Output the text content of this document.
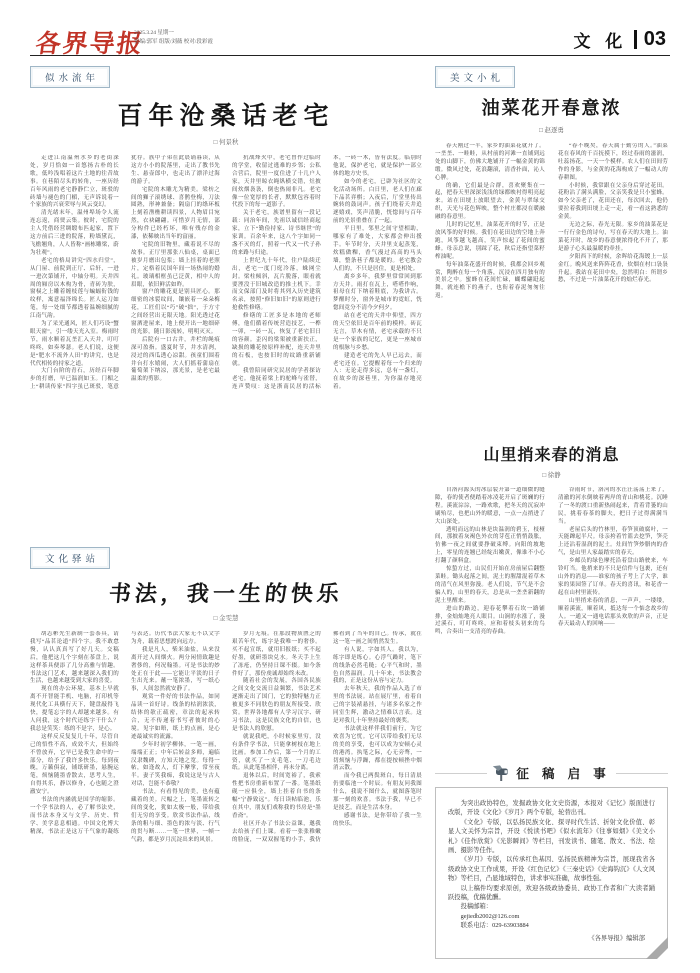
各界导报
2025.3.24 星期一
责编/郭军 组版/刘薇 校对/段彩霞	文 化 03
似水流年
百年沧桑话老宅
□ 何景秋

走进江南温州水乡的老街深处，岁月恰如一首悠扬古朴的长歌，低吟浅唱着这片土地的往昔故事。在巷陌尽头的转角，一座历经百年风雨的老宅静静伫立，斑驳的砖墙与褪色的门楣，无声诉说着一个家族的兴衰荣辱与风云变幻。

清光绪末年，温州埠场令人流连忘返，商贾云集。彼时，宅院的主人凭借经营绸缎布匹起家，置下这方前后三进的院落，粉墙黛瓦，飞檐翘角，人人皆称“画栋雕梁，蔚为壮观”。

老宅的格局讲究“四水归堂”，从门屋、前院到正厅、后轩，一进一进次第铺开，中轴分明。天井四周的厢房以木构为骨，青砖为肤，窗棂之上雕着缠枝莲与蝙蝠衔钱的纹样，寓意福泽绵长。匠人运刀如笔，每一处细节都透着温婉细腻的江南气韵。

为了采光通风，匠人们巧设“蟹眼天窗”，引一缕天光入室。梅雨时节，雨水顺着瓦垄汇入天井，叮叮咚咚，如奏琴瑟。老人们说，这便是“肥水不流外人田”的讲究，也是代代相传的持家之道。

大门台阶的青石，历经百年脚步的打磨，早已温润如玉。门楣之上“耕读传家”四字虽已斑驳，笔意犹存。族中子弟在此晨诵暮读，从这方小小的院落里，走出了教书先生、悬壶郎中，也走出了漂洋过海的游子。

宅院的木雕尤为精美。梁枋之间的狮子滚绣球、喜鹊登梅，刀法圆熟，形神兼备；隔扇门的绦环板上刻着渔樵耕读四景，人物眉目宛然，衣袂翩翩。可惜岁月无情，部分构件已经朽坏，唯有残存的金漆，依稀映出当年的富丽。

宅院的旧物里，藏着说不尽的故事。正厅里那张八仙桌，桌面已被岁月磨出包浆；墙上挂着的老照片，定格着民国年间一场热闹的婚礼。玻璃相框虽已泛黄，相中人的眉眼，依旧鲜活如昨。

窗户的雕花更是别具匠心。那细密的冰裂纹间，镶嵌着一朵朵梅花，工匠们以“巧”破“拙”，于方寸之间经营出无限天地。阳光透过花窗洒进屋来，地上便开出一地细碎的光影，随日影流转，明明灭灭。

后院有一口古井，井栏的绳痕深可盈指。盛夏时节，井水清冽，浸过的西瓜透心凉甜。孩童们围着井台打水嬉闹，大人们摇着蒲扇在葡萄架下纳凉，那光景，是老宅最温柔的剪影。

抗战烽火中，老宅曾作过临时的学堂，收留过逃难的乡邻；公私合营后，院里一度住进了十几户人家，天井里晾衣绳纵横交错，灶披间炊烟袅袅，倒也热闹非凡。老宅像一位宽厚的长者，默默包容着时代投下的每一道影子。

关于老宅，族谱里留有一段记载：同治年间，先祖以诚信经商起家，立下“勤俭持家、诗书继世”的家训。百余年来，这八个字如同一盏不灭的灯，照着一代又一代子孙的来路与归途。

上世纪九十年代，住户陆续迁出，老宅一度门庭冷落，蛛网尘封。梁柱倾斜，瓦片脱落，眼看就要湮没于旧城改造的推土机下。幸而文保部门及时将其列入历史建筑名录，按照“修旧如旧”的原则进行抢救性修缮。

修缮的工匠多是本地的老师傅，他们循着传统营造技艺，一榫一卯，一砖一瓦，恢复了老宅旧日的容颜。歪闪的梁架被重新扶正，缺损的雕花按原样补配，连天井里的石板，也按旧时的纹路重新铺就。

我曾陪同研究民居的学者探访老宅。他抚着梁上的驼峰与雀替，连声赞叹：这是浙南民居的活标本，一砖一木，皆有法度。临别时他说，保护老宅，就是保护一部立体的地方史书。

如今的老宅，已辟为社区的文化活动场所。白日里，老人们在廊下品茗弈棋；入夜后，厅堂里传出婉转的鼓词声。孩子们绕着天井追逐嬉戏，笑声清脆，恍惚间与百年前的光景重叠在了一起。

平日里，邻里之间守望相助，哪家有了难处，大家都会伸出援手。年节时分，天井里支起蒸笼，炊糕做粿，香气漫过高高的马头墙，整条巷子都是暖的。老宅教会人们的，不只是居住，更是相处。

离乡多年，我梦里常常回到那方天井。雨打在瓦上，嗒嗒作响，祖母在灯下纳着鞋底，为我讲古。梦醒时分，窗外是城市的霓虹，恍惚间竟分不清今夕何夕。

站在老宅的天井中仰望，四方的天空依旧是百年前的模样。砖瓦无言，草木有情，老宅承载的不只是一个家族的记忆，更是一座城市的根脉与乡愁。

建造老宅的先人早已远去，而老宅还在。它提醒着每一个归来的人：无论走得多远，总有一盏灯，在故乡的深巷里，为你温存地亮着。

文化驿站
书法，我一生的快乐
□ 金雯慧

胡志彬先生新制一套茶具，请我写“品茗论道”四个字。我不敢怠慢，认认真真写了好几天。交稿后，他把这几个字刻在茶盘上，说这样茶具便添了几分高雅与情趣。书法这门艺术，越来越深入我们的生活，也越来越受到大家的喜爱。

现在的办公环境，基本上早就离不开智能手机、电脑，打印机等现代化工具横行天下，键盘敲得飞快，提笔忘字的人却越来越多。有人问我，这个时代还练字干什么？我总是笑笑：练的不是字，是心。

这样反反复复几十年，尽管自己的悟性不高，成效不大，但始终不曾放弃，它早已是我生命中的一部分，给予了我许多快乐。每到夜晚，万籁俱寂，铺纸研墨，悬腕运笔，烦恼随墨香散去，思考人生，自得其乐，静以修身，心也随之澄澈安宁。

书法的内涵就是国学的缩影。一个学书法的人，必了解书法史，而书法本身又与文学、历史、哲学、美学息息相通。中国文化博大精深，书法正是这万千气象的凝练与表达。历代书法大家无不以文字为舟，载着思想渡向远方。

我是凡人，柴米油盐，从来没离开过人间烟火。两分闲情致趣是奢侈的，何况翰墨。可是书法的妙处正在于此——它能让平淡的日子生出光来。蘸一笔浓墨，写一纸心事，人间忽然就安静了。

观赏一件好的书法作品，如同品读一首好诗。线条的枯润浓淡，结体的欹正疏密，章法的起承转合，无不传递着书写者彼时的心境。见字如晤，纸上的点画，是心迹最诚实的流露。

少年时初学柳体，一笔一画，端端正正；中年后转益多师，遍临汉隶魏碑，方知天地之宽。每得一帖，如逢故人，灯下摩挲，常至夜半。妻子笑我痴，我说这是与古人对话，岂能不恭敬？

书法，有看得见的美，也有蕴藏着的美。尺幅之上，笔墨流转之间的变化，犹如太极一般，带给我们无穷的享受。欣赏书法作品，线条的粗与细、墨色的浓与淡、行气的贯与断……一笔一世界，一帧一气韵，都是岁月沉淀出来的风景。

岁月无痕。在那段物质匮乏的艰苦年代，练字是我唯一的奢侈。买不起宣纸，就用旧报纸；买不起好墨，就研墨块兑水。冬天手上生了冻疮，仍坚持日课不辍。如今条件好了，那份虔诚却始终未改。

随着社会的发展，各国各民族之间文化交流日益频繁，书法艺术逐渐走出了国门，它的独特魅力正被更多不同肤色的朋友所接受、欣赏。世界各地都有人学习汉字、研习书法，这是民族文化的自信，也是书法人的欣慰。

就说我吧，小时候家里穷，没有条件学书法，只能拿树枝在地上比画。参加工作后，第一个月的工资，就买了一支毛笔、一刀毛边纸。从此笔墨相伴，再未分离。

退休以后，时间宽裕了，我索性把书房重新布置了一番。笔墨纸砚一应俱全，墙上挂着自书的条幅“宁静致远”。每日读帖临池，乐在其中，朋友们戏称我的书房是“墨香斋”。

社区开办了书法公益课，邀我去给孩子们上课。看着一张张稚嫩的脸庞，一双双握笔的小手，我仿佛看到了当年的自己。传承，就在这一笔一画之间悄然发生。

有人说，字如其人。我以为，练字即是练心。心浮气躁时，笔下的线条必然毛糙；心平气和时，墨色自然温润。几十年来，书法教会我的，正是这份从容与定力。

去年秋天，我的作品入选了市里的书法展。站在展厅里，看着自己的字装裱悬挂，与诸多名家之作同室生辉，激动之情难以言表。这是对我几十年坚持最好的褒奖。

书法就这样伴我们前行，为它欢喜为它忧。它可以带给我们无尽的美的享受，也可以成为安顿心灵的港湾。执笔之际，心无旁骛，一切烦恼与浮躁，都在提按顿挫中烟消云散。

而今我已两鬓斑白，每日清晨仍要临池一个时辰。有朋友问我图什么，我说不图什么，就图落笔时那一刻的欢喜。书法于我，早已不是技艺，而是生活本身。

感谢书法，是你带给了我一生的快乐。

美文小札
油菜花开春意浓
□ 赵逐勇

春天刚过一半，家乡的油菜花就开了。一垄垄、一畦畦，从村前的河滩一直铺到远处的山脚下，仿佛大地铺开了一幅金黄的锦缎。微风过处，花浪翻滚，清香扑面，沁人心脾。

的确，它们最是合群，喜欢聚集在一起，把春天里深深浅浅的绿都映衬得明亮起来。站在田埂上放眼望去，金黄与翠绿交织，天光与花色辉映，整个村庄都浸在暖融融的春意里。

儿时的记忆里，油菜花开的时节，正是放风筝的好时候。我们在花田边的空地上奔跑，风筝越飞越高，笑声惊起了花间的蜜蜂。母亲总说，别踩了花，秋后还指望菜籽榨油呢。

每年油菜花盛开的时候，我都会回乡观赏，陶醉在每一个角落，沉浸在四月独有的美景之中。蜜蜂在花间忙碌，蝴蝶翩跹起舞，就连檐下的燕子，也衔着春泥匆匆往返。

“春不晚矣，春天属于勤劳的人。”油菜花在春风的千百抚摸下，经过春雨的滋润，吐蕊扬花，一天一个模样。农人们在田间劳作的身影，与金黄的花海构成了一幅动人的春耕图。

小时候，我常跟在父亲身后穿过花田。花粉沾了满头满脸，父亲笑我是只小蜜蜂。如今父亲老了，花田还在，每次回去，他仍要拉着我到田埂上走一走，看一看这熟悉的金黄。

无边之际，春光无限。家乡的油菜花是一行行金色的诗句，写在春天的大地上。油菜花开时，故乡的春意便浓得化不开了，那是游子心头最温暖的牵挂。

夕阳西下的时候，余晖给花海镀上一层金红。晚风送来阵阵花香，炊烟在村口袅袅升起。我站在花田中央，忽然明白：所谓乡愁，不过是一片油菜花开的灿烂春光。

山里捎来春的消息
□ 徐静

自洛河源头的冰层裂开第一道细微的缝隙，春的使者便踏着冰凌花开启了斑斓的行程。溪流淙淙，一路欢歌，把冬天的沉寂冲刷殆尽，也把山外的暖意，一点一点捎进了大山深处。

透明而远的山林是块温润的碧玉，枝桠间，那披着灰褐色外衣的芽苞正悄悄鼓胀，仿佛一夜之间就要挣破束缚。向阳的坡地上，零星的连翘已经绽出嫩黄，像谁不小心打翻了颜料盒。

惊蛰方过，山民们开始在房前屋后翻整菜畦。锄头起落之间，泥土的腥甜混着草木的清气在风里弥漫。老人们说，节气是不会骗人的，山里的春天，总是从一垄垄新翻的泥土里醒来。

进山的路边，迎春花攀着石坎一路铺排，金灿灿地亮人眼目。山涧的水涨了，漫过溪石，叮叮咚咚，应和着枝头初来的鸟鸣，合奏出一支清亮的春曲。

谷雨时节，洛河的水汪汪荡荡上来了，清澈的河水倒映着两岸的青山和桃花。沉睡了一冬的渡口重新热闹起来，背着背篓的山民，挑着春茶的脚夫，把日子过得满满当当。

老屋后头的竹林里，春笋顶破腐叶，一天能蹿起半尺。母亲挎着竹篮去挖笋，笋壳上还沾着湿润的泥土。灶间竹笋炒腊肉的香气，是山里人家最踏实的春天。

乡邮员的绿色摩托沿着盘山路驶来，车铃叮当。他捎来的不只是信件与包裹，还有山外的消息——谁家的孩子考上了大学，谁家的果园签了订单。春天的喜讯，和花香一起在山村里流传。

山里捎来春的消息，一声声，一缕缕，顺着溪流，顺着风，抵达每一个惦念故乡的人。一通又一通电话那头欢欣的声音，正是春天最动人的回响——

征 稿 启 事

为突出政协特色，发掘政协文化文史资源，本报对《记忆》版面进行改版，开设《文化》《岁月》两个专版，轮替出刊。

《文化》专版，以弘扬民族文化、探寻时代生活、折射文化价值、彰显人文关怀为宗旨，开设《悦读书吧》《似水流年》《往事如烟》《美文小札》《佳作欣赏》《光影瞬间》等栏目，刊发读书、随笔、散文、书法、绘画、摄影等佳作。

《岁月》专版，以传承红色基因、弘扬民族精神为宗旨，展现我省各级政协文史工作成果，开设《红色记忆》《三秦史话》《史海钩沉》《人文风物》等栏目，凸显地域特色，讲求事实准确，故事性强。

以上稿件均要求原创，欢迎各级政协委员、政协工作者和广大读者踊跃投稿，优稿优酬。

投稿邮箱：
gejiedb2002@126.com
联系电话：029-63903884
《各界导报》编辑部
